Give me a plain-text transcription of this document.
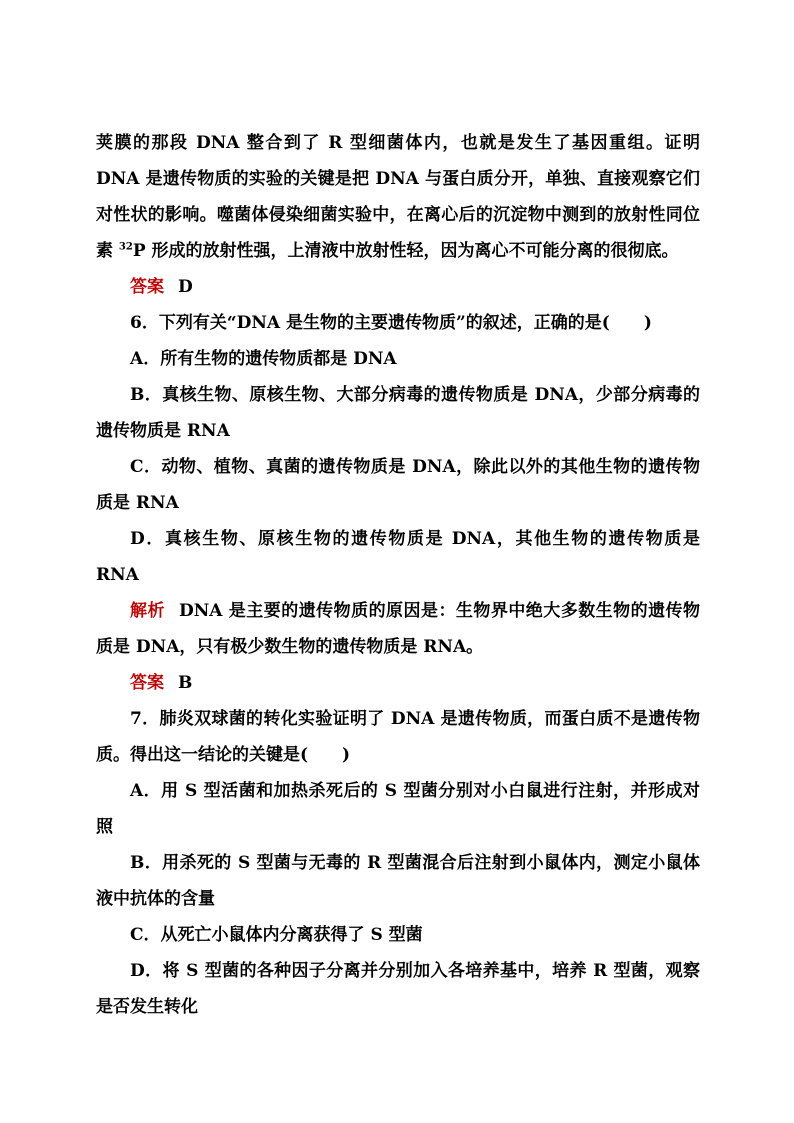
荚膜的那段 DNA 整合到了 R 型细菌体内，也就是发生了基因重组。证明 DNA 是遗传物质的实验的关键是把 DNA 与蛋白质分开，单独、直接观察它们对性状的影响。噬菌体侵染细菌实验中，在离心后的沉淀物中测到的放射性同位素 $^{32}$P 形成的放射性强，上清液中放射性轻，因为离心不可能分离的很彻底。

答案 D

6．下列有关“DNA 是生物的主要遗传物质”的叙述，正确的是(　　)

A．所有生物的遗传物质都是 DNA

B．真核生物、原核生物、大部分病毒的遗传物质是 DNA，少部分病毒的遗传物质是 RNA

C．动物、植物、真菌的遗传物质是 DNA，除此以外的其他生物的遗传物质是 RNA

D．真核生物、原核生物的遗传物质是 DNA，其他生物的遗传物质是 RNA

解析 DNA 是主要的遗传物质的原因是：生物界中绝大多数生物的遗传物质是 DNA，只有极少数生物的遗传物质是 RNA。

答案 B

7．肺炎双球菌的转化实验证明了 DNA 是遗传物质，而蛋白质不是遗传物质。得出这一结论的关键是(　　)

A．用 S 型活菌和加热杀死后的 S 型菌分别对小白鼠进行注射，并形成对照

B．用杀死的 S 型菌与无毒的 R 型菌混合后注射到小鼠体内，测定小鼠体液中抗体的含量

C．从死亡小鼠体内分离获得了 S 型菌

D．将 S 型菌的各种因子分离并分别加入各培养基中，培养 R 型菌，观察是否发生转化
